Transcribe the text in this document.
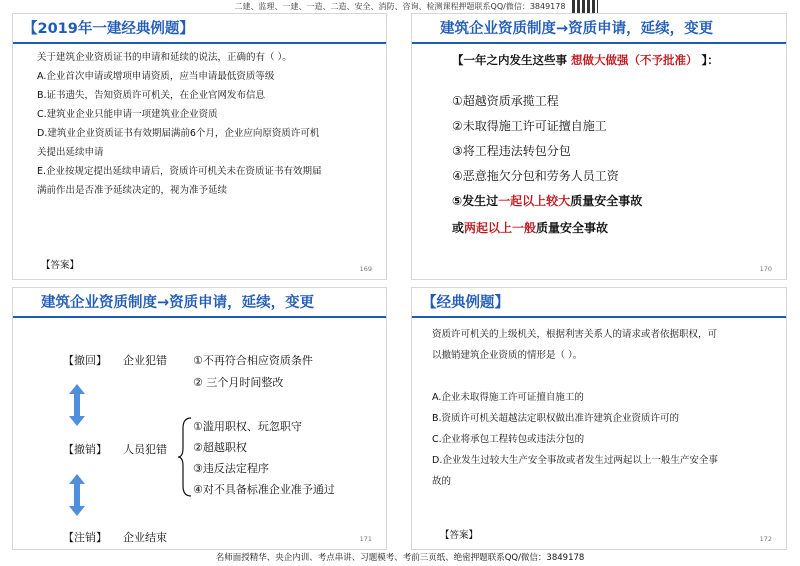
二建、监理、一建、一造、二造、安全、消防、咨询、检测课程押题联系QQ/微信：3849178
【2019年一建经典例题】
关于建筑企业资质证书的申请和延续的说法，正确的有（ ）。
A.企业首次申请或增项申请资质，应当申请最低资质等级
B.证书遗失，告知资质许可机关，在企业官网发布信息
C.建筑业企业只能申请一项建筑业企业资质
D.建筑业企业资质证书有效期届满前6个月，企业应向原资质许可机
关提出延续申请
E.企业按规定提出延续申请后，资质许可机关未在资质证书有效期届
满前作出是否准予延续决定的，视为准予延续
【答案】	169
建筑企业资质制度→资质申请，延续，变更
【一年之内发生这些事 想做大做强（不予批准） 】：
①超越资质承揽工程
②未取得施工许可证擅自施工
③将工程违法转包分包
④恶意拖欠分包和劳务人员工资
⑤发生过一起以上较大质量安全事故
或两起以上一般质量安全事故
170
建筑企业资质制度→资质申请，延续，变更
【撤回】 企业犯错 ①不再符合相应资质条件
② 三个月时间整改
【撤销】 人员犯错
①滥用职权、玩忽职守
②超越职权
③违反法定程序
④对不具备标准企业准予通过
【注销】 企业结束	171
【经典例题】
资质许可机关的上级机关，根据利害关系人的请求或者依据职权，可
以撤销建筑企业资质的情形是（ ）。

A.企业未取得施工许可证擅自施工的
B.资质许可机关超越法定职权做出准许建筑企业资质许可的
C.企业将承包工程转包或违法分包的
D.企业发生过较大生产安全事故或者发生过两起以上一般生产安全事
故的
【答案】	172
名师面授精华、央企内训、考点串讲、习题模考、考前三页纸、绝密押题联系QQ/微信：3849178
